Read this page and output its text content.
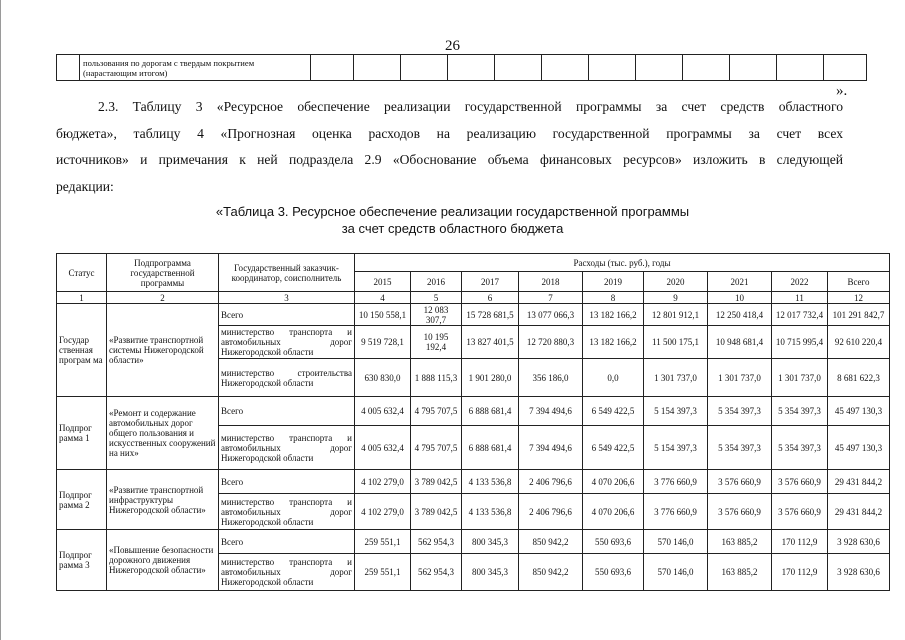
26
	пользования по дорогам с твердым покрытием (нарастающим итогом)												
».
2.3. Таблицу 3 «Ресурсное обеспечение реализации государственной программы за счет средств областного
бюджета», таблицу 4 «Прогнозная оценка расходов на реализацию государственной программы за счет всех
источников» и примечания к ней подраздела 2.9 «Обоснование объема финансовых ресурсов» изложить в следующей
редакции:
«Таблица 3. Ресурсное обеспечение реализации государственной программы
за счет средств областного бюджета
Статус	Подпрограмма государственной программы	Государственный заказчик- координатор, соисполнитель	Расходы (тыс. руб.), годы								
			2015	2016	2017	2018	2019	2020	2021	2022	Всего
1	2	3	4	5	6	7	8	9	10	11	12
Государ ственная програм ма	«Развитие транспортной системы Нижегородской области»	Всего	10 150 558,1	12 083 307,7	15 728 681,5	13 077 066,3	13 182 166,2	12 801 912,1	12 250 418,4	12 017 732,4	101 291 842,7
		министерство транспорта и автомобильных дорог Нижегородской области	9 519 728,1	10 195 192,4	13 827 401,5	12 720 880,3	13 182 166,2	11 500 175,1	10 948 681,4	10 715 995,4	92 610 220,4
		министерство строительства Нижегородской области	630 830,0	1 888 115,3	1 901 280,0	356 186,0	0,0	1 301 737,0	1 301 737,0	1 301 737,0	8 681 622,3
Подпрог рамма 1	«Ремонт и содержание автомобильных дорог общего пользования и искусственных сооружений на них»	Всего	4 005 632,4	4 795 707,5	6 888 681,4	7 394 494,6	6 549 422,5	5 154 397,3	5 354 397,3	5 354 397,3	45 497 130,3
		министерство транспорта и автомобильных дорог Нижегородской области	4 005 632,4	4 795 707,5	6 888 681,4	7 394 494,6	6 549 422,5	5 154 397,3	5 354 397,3	5 354 397,3	45 497 130,3
Подпрог рамма 2	«Развитие транспортной инфраструктуры Нижегородской области»	Всего	4 102 279,0	3 789 042,5	4 133 536,8	2 406 796,6	4 070 206,6	3 776 660,9	3 576 660,9	3 576 660,9	29 431 844,2
		министерство транспорта и автомобильных дорог Нижегородской области	4 102 279,0	3 789 042,5	4 133 536,8	2 406 796,6	4 070 206,6	3 776 660,9	3 576 660,9	3 576 660,9	29 431 844,2
Подпрог рамма 3	«Повышение безопасности дорожного движения Нижегородской области»	Всего	259 551,1	562 954,3	800 345,3	850 942,2	550 693,6	570 146,0	163 885,2	170 112,9	3 928 630,6
		министерство транспорта и автомобильных дорог Нижегородской области	259 551,1	562 954,3	800 345,3	850 942,2	550 693,6	570 146,0	163 885,2	170 112,9	3 928 630,6
